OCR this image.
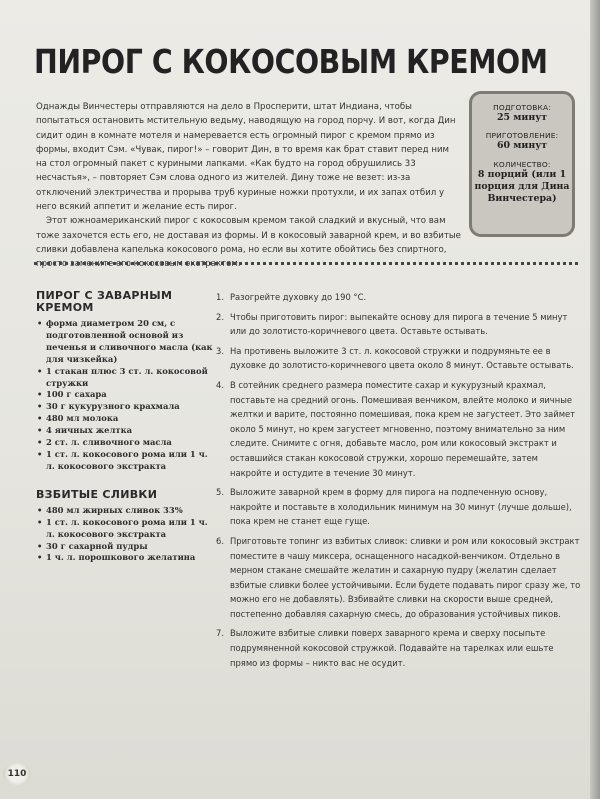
ПИРОГ С КОКОСОВЫМ КРЕМОМ

Однажды Винчестеры отправляются на дело в Просперити, штат Индиана, чтобы попытаться остановить мстительную ведьму, наводящую на город порчу. И вот, когда Дин сидит один в комнате мотеля и намеревается есть огромный пирог с кремом прямо из формы, входит Сэм. «Чувак, пирог!» – говорит Дин, в то время как брат ставит перед ним на стол огромный пакет с куриными лапками. «Как будто на город обрушились 33 несчастья», – повторяет Сэм слова одного из жителей. Дину тоже не везет: из-за отключений электричества и прорыва труб куриные ножки протухли, и их запах отбил у него всякий аппетит и желание есть пирог.

Этот южноамериканский пирог с кокосовым кремом такой сладкий и вкусный, что вам тоже захочется есть его, не доставая из формы. И в кокосовый заварной крем, и во взбитые сливки добавлена капелька кокосового рома, но если вы хотите обойтись без спиртного, просто замените его кокосовым экстрактом.

ПОДГОТОВКА:
25 минут
ПРИГОТОВЛЕНИЕ:
60 минут
КОЛИЧЕСТВО:
8 порций (или 1 порция для Дина Винчестера)
ПИРОГ С ЗАВАРНЫМ КРЕМОМ
• форма диаметром 20 см, с подготовленной основой из печенья и сливочного масла (как для чизкейка)
• 1 стакан плюс 3 ст. л. кокосовой стружки
• 100 г сахара
• 30 г кукурузного крахмала
• 480 мл молока
• 4 яичных желтка
• 2 ст. л. сливочного масла
• 1 ст. л. кокосового рома или 1 ч. л. кокосового экстракта
ВЗБИТЫЕ СЛИВКИ
• 480 мл жирных сливок 33%
• 1 ст. л. кокосового рома или 1 ч. л. кокосового экстракта
• 30 г сахарной пудры
• 1 ч. л. порошкового желатина
1. Разогрейте духовку до 190 °С.
2. Чтобы приготовить пирог: выпекайте основу для пирога в течение 5 минут или до золотисто-коричневого цвета. Оставьте остывать.
3. На противень выложите 3 ст. л. кокосовой стружки и подрумяньте ее в духовке до золотисто-коричневого цвета около 8 минут. Оставьте остывать.
4. В сотейник среднего размера поместите сахар и кукурузный крахмал, поставьте на средний огонь. Помешивая венчиком, влейте молоко и яичные желтки и варите, постоянно помешивая, пока крем не загустеет. Это займет около 5 минут, но крем загустеет мгновенно, поэтому внимательно за ним следите. Снимите с огня, добавьте масло, ром или кокосовый экстракт и оставшийся стакан кокосовой стружки, хорошо перемешайте, затем накройте и остудите в течение 30 минут.
5. Выложите заварной крем в форму для пирога на подпеченную основу, накройте и поставьте в холодильник минимум на 30 минут (лучше дольше), пока крем не станет еще гуще.
6. Приготовьте топинг из взбитых сливок: сливки и ром или кокосовый экстракт поместите в чашу миксера, оснащенного насадкой-венчиком. Отдельно в мерном стакане смешайте желатин и сахарную пудру (желатин сделает взбитые сливки более устойчивыми. Если будете подавать пирог сразу же, то можно его не добавлять). Взбивайте сливки на скорости выше средней, постепенно добавляя сахарную смесь, до образования устойчивых пиков.
7. Выложите взбитые сливки поверх заварного крема и сверху посыпьте подрумяненной кокосовой стружкой. Подавайте на тарелках или ешьте прямо из формы – никто вас не осудит.
110
